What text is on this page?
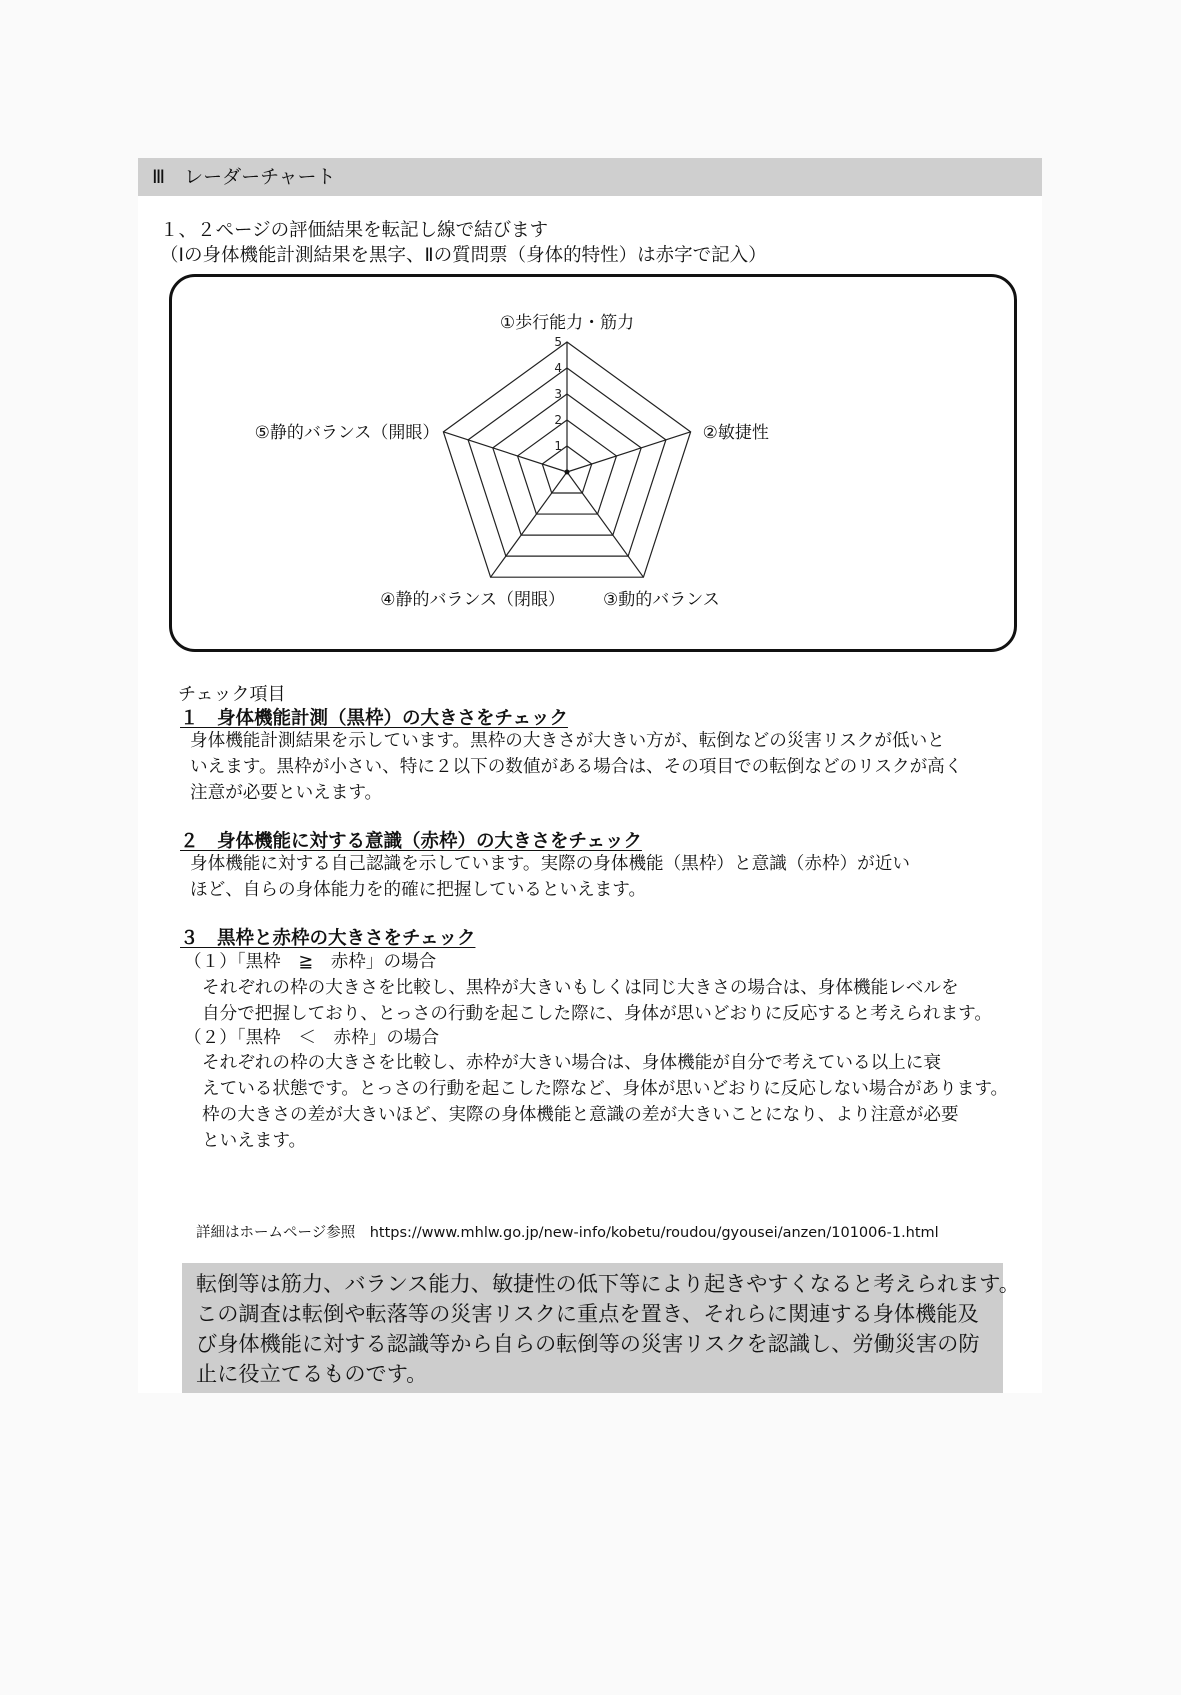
Ⅲ　レーダーチャート
１、２ページの評価結果を転記し線で結びます
（Ⅰの身体機能計測結果を黒字、Ⅱの質問票（身体的特性）は赤字で記入）
1
2
3
4
5
①歩行能力・筋力
②敏捷性
③動的バランス
④静的バランス（閉眼）
⑤静的バランス（開眼）
チェック項目
１　身体機能計測（黒枠）の大きさをチェック
身体機能計測結果を示しています。黒枠の大きさが大きい方が、転倒などの災害リスクが低いと
いえます。黒枠が小さい、特に２以下の数値がある場合は、その項目での転倒などのリスクが高く
注意が必要といえます。
２　身体機能に対する意識（赤枠）の大きさをチェック
身体機能に対する自己認識を示しています。実際の身体機能（黒枠）と意識（赤枠）が近い
ほど、自らの身体能力を的確に把握しているといえます。
３　黒枠と赤枠の大きさをチェック
（１）「黒枠　≧　赤枠」の場合
それぞれの枠の大きさを比較し、黒枠が大きいもしくは同じ大きさの場合は、身体機能レベルを
自分で把握しており、とっさの行動を起こした際に、身体が思いどおりに反応すると考えられます。
（２）「黒枠　＜　赤枠」の場合
それぞれの枠の大きさを比較し、赤枠が大きい場合は、身体機能が自分で考えている以上に衰
えている状態です。とっさの行動を起こした際など、身体が思いどおりに反応しない場合があります。
枠の大きさの差が大きいほど、実際の身体機能と意識の差が大きいことになり、より注意が必要
といえます。
詳細はホームページ参照　https://www.mhlw.go.jp/new-info/kobetu/roudou/gyousei/anzen/101006-1.html
転倒等は筋力、バランス能力、敏捷性の低下等により起きやすくなると考えられます。
この調査は転倒や転落等の災害リスクに重点を置き、それらに関連する身体機能及
び身体機能に対する認識等から自らの転倒等の災害リスクを認識し、労働災害の防
止に役立てるものです。
